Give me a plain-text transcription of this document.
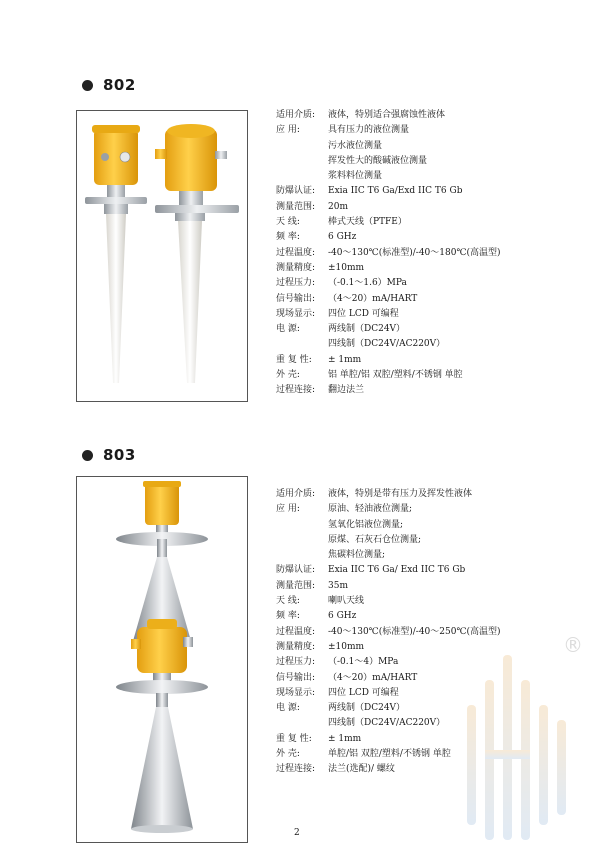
802
适用介质:	液体，特别适合强腐蚀性液体
应 用:	具有压力的液位测量
污水液位测量
挥发性大的酸碱液位测量
浆料料位测量
防爆认证:	Exia IIC T6 Ga/Exd IIC T6 Gb
测量范围:	20m
天 线:	棒式天线（PTFE）
频 率:	6 GHz
过程温度:	-40～130℃(标准型)/-40～180℃(高温型)
测量精度:	±10mm
过程压力:	（-0.1～1.6）MPa
信号输出:	（4～20）mA/HART
现场显示:	四位 LCD 可编程
电 源:	两线制（DC24V）
四线制（DC24V/AC220V）
重 复 性:	± 1mm
外 壳:	铝 单腔/铝 双腔/塑料/不锈钢 单腔
过程连接:	翻边法兰
803
适用介质:	液体，特别是带有压力及挥发性液体
应 用:	原油、轻油液位测量;
氢氧化铝液位测量;
原煤、石灰石仓位测量;
焦碳料位测量;
防爆认证:	Exia IIC T6 Ga/ Exd IIC T6 Gb
测量范围:	35m
天 线:	喇叭天线
频 率:	6 GHz
过程温度:	-40～130℃(标准型)/-40～250℃(高温型)
测量精度:	±10mm
过程压力:	（-0.1～4）MPa
信号输出:	（4～20）mA/HART
现场显示:	四位 LCD 可编程
电 源:	两线制（DC24V）
四线制（DC24V/AC220V）
重 复 性:	± 1mm
外 壳:	单腔/铝 双腔/塑料/不锈钢 单腔
过程连接:	法兰(选配)/ 螺纹
®
2
